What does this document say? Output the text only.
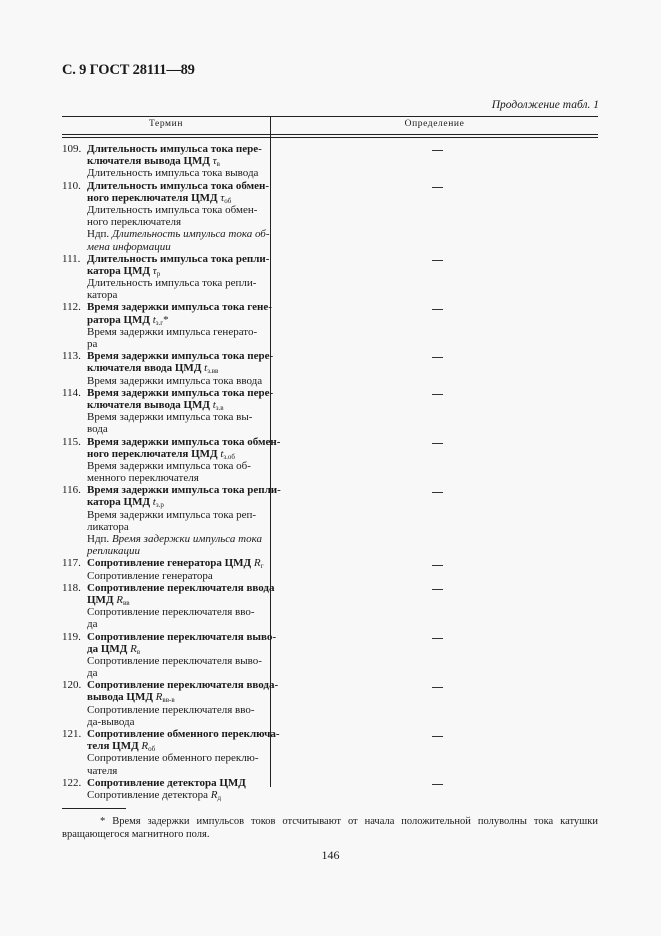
С. 9 ГОСТ 28111—89
Продолжение табл. 1
Термин	Определение
109. Длительность импульса тока пере-
ключателя вывода ЦМД $\tau_в$
Длительность импульса тока вывода
110. Длительность импульса тока обмен-
ного переключателя ЦМД $\tau_{об}$
Длительность импульса тока обмен-
ного переключателя
Ндп. Длительность импульса тока об-
мена информации
111. Длительность импульса тока репли-
катора ЦМД $\tau_р$
Длительность импульса тока репли-
катора
112. Время задержки импульса тока гене-
ратора ЦМД $t_{з.г}*$
Время задержки импульса генерато-
ра
113. Время задержки импульса тока пере-
ключателя ввода ЦМД $t_{з.вв}$
Время задержки импульса тока ввода
114. Время задержки импульса тока пере-
ключателя вывода ЦМД $t_{з.в}$
Время задержки импульса тока вы-
вода
115. Время задержки импульса тока обмен-
ного переключателя ЦМД $t_{з.об}$
Время задержки импульса тока об-
менного переключателя
116. Время задержки импульса тока репли-
катора ЦМД $t_{з.р}$
Время задержки импульса тока реп-
ликатора
Ндп. Время задержки импульса тока
репликации
117. Сопротивление генератора ЦМД $R_г$
Сопротивление генератора
118. Сопротивление переключателя ввода
ЦМД $R_{вв}$
Сопротивление переключателя вво-
да
119. Сопротивление переключателя выво-
да ЦМД $R_в$
Сопротивление переключателя выво-
да
120. Сопротивление переключателя ввода-
вывода ЦМД $R_{вв-в}$
Сопротивление переключателя вво-
да-вывода
121. Сопротивление обменного переключа-
теля ЦМД $R_{об}$
Сопротивление обменного переклю-
чателя
122. Сопротивление детектора ЦМД
Сопротивление детектора $R_д$
* Время задержки импульсов токов отсчитывают от начала положительной полуволны тока катушки
вращающегося магнитного поля.
146
